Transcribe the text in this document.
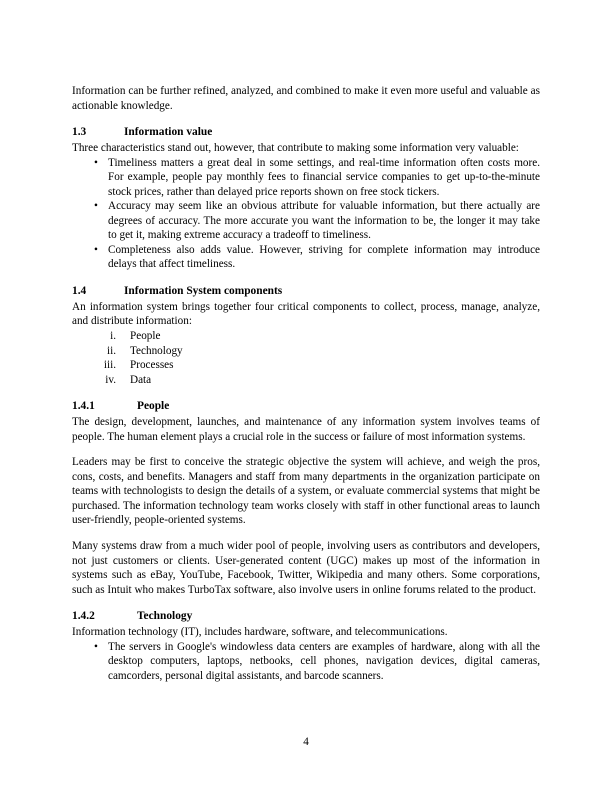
Information can be further refined, analyzed, and combined to make it even more useful and valuable as actionable knowledge.

1.3	Information value

Three characteristics stand out, however, that contribute to making some information very valuable:

• Timeliness matters a great deal in some settings, and real-time information often costs more. For example, people pay monthly fees to financial service companies to get up-to-the-minute stock prices, rather than delayed price reports shown on free stock tickers.
• Accuracy may seem like an obvious attribute for valuable information, but there actually are degrees of accuracy. The more accurate you want the information to be, the longer it may take to get it, making extreme accuracy a tradeoff to timeliness.
• Completeness also adds value. However, striving for complete information may introduce delays that affect timeliness.
1.4	Information System components

An information system brings together four critical components to collect, process, manage, analyze, and distribute information:

i. People
ii. Technology
iii. Processes
iv. Data
1.4.1	People

The design, development, launches, and maintenance of any information system involves teams of people. The human element plays a crucial role in the success or failure of most information systems.

Leaders may be first to conceive the strategic objective the system will achieve, and weigh the pros, cons, costs, and benefits. Managers and staff from many departments in the organization participate on teams with technologists to design the details of a system, or evaluate commercial systems that might be purchased. The information technology team works closely with staff in other functional areas to launch user-friendly, people-oriented systems.

Many systems draw from a much wider pool of people, involving users as contributors and developers, not just customers or clients. User-generated content (UGC) makes up most of the information in systems such as eBay, YouTube, Facebook, Twitter, Wikipedia and many others. Some corporations, such as Intuit who makes TurboTax software, also involve users in online forums related to the product.

1.4.2	Technology

Information technology (IT), includes hardware, software, and telecommunications.

• The servers in Google's windowless data centers are examples of hardware, along with all the desktop computers, laptops, netbooks, cell phones, navigation devices, digital cameras, camcorders, personal digital assistants, and barcode scanners.
4
